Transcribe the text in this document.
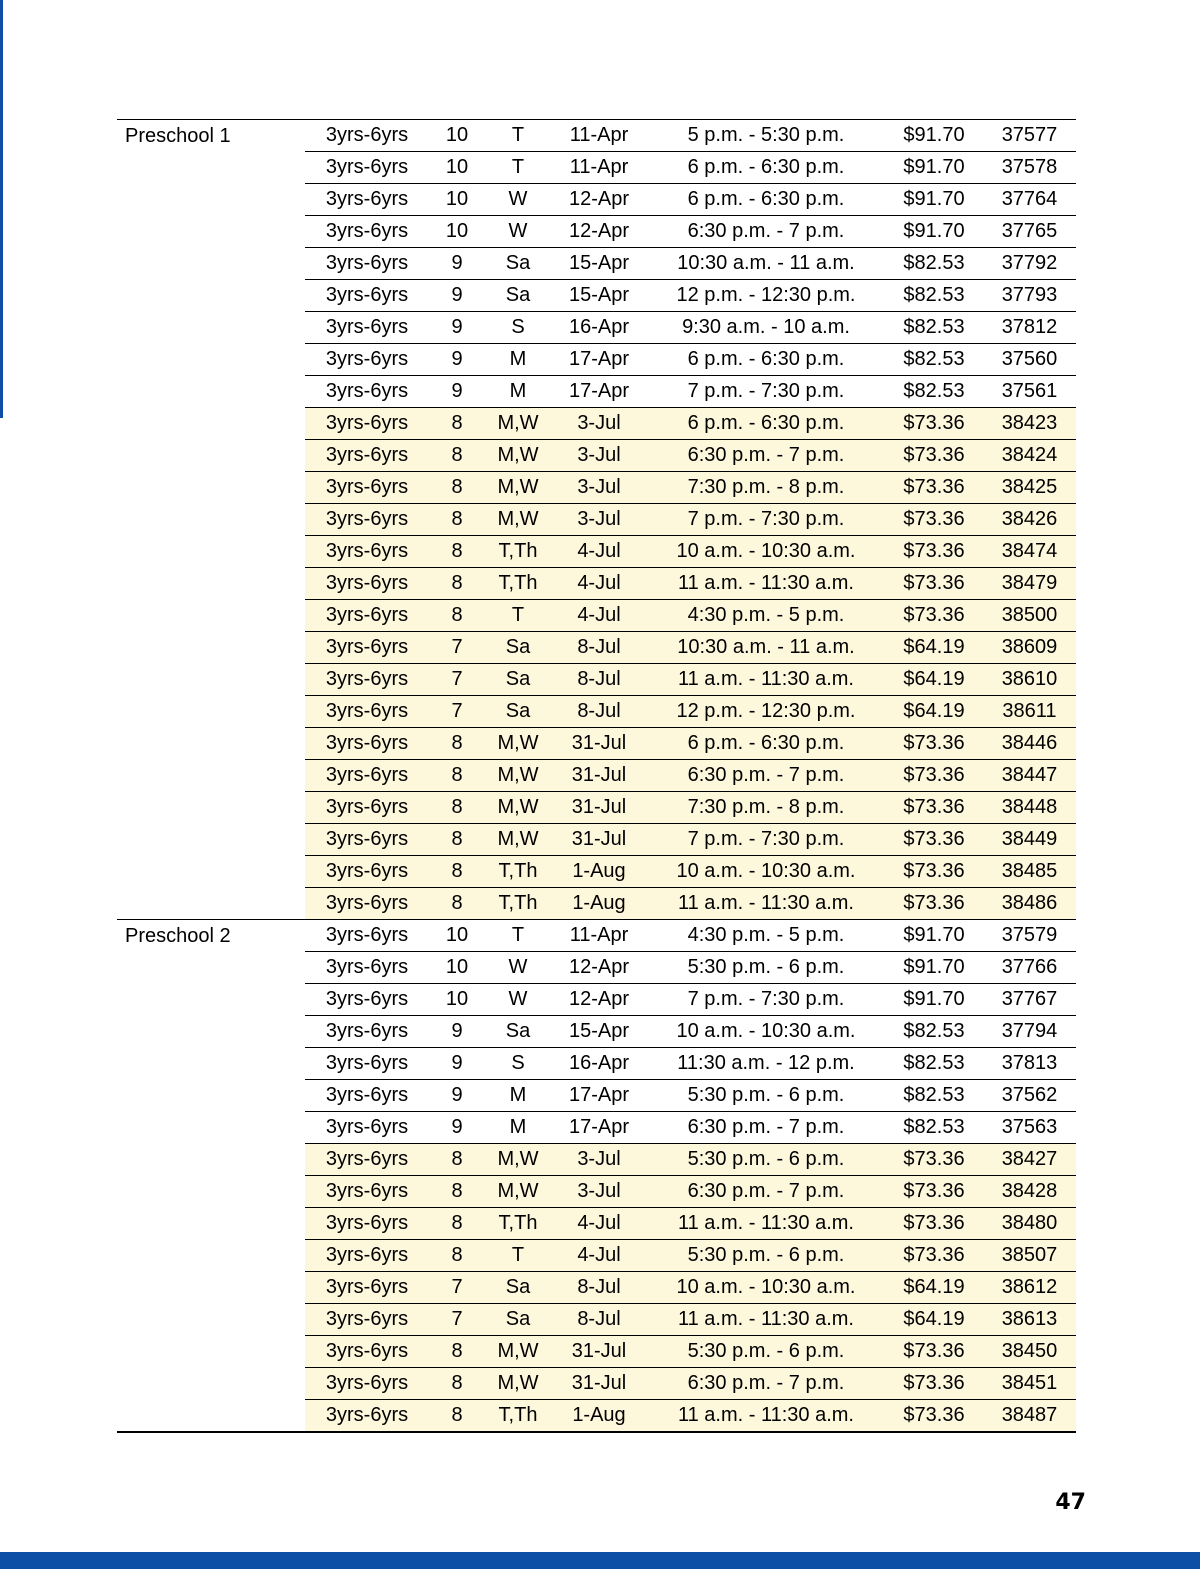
Preschool 1	3yrs-6yrs	10	T	11-Apr	5 p.m. - 5:30 p.m.	$91.70	37577
3yrs-6yrs	10	T	11-Apr	6 p.m. - 6:30 p.m.	$91.70	37578
3yrs-6yrs	10	W	12-Apr	6 p.m. - 6:30 p.m.	$91.70	37764
3yrs-6yrs	10	W	12-Apr	6:30 p.m. - 7 p.m.	$91.70	37765
3yrs-6yrs	9	Sa	15-Apr	10:30 a.m. - 11 a.m.	$82.53	37792
3yrs-6yrs	9	Sa	15-Apr	12 p.m. - 12:30 p.m.	$82.53	37793
3yrs-6yrs	9	S	16-Apr	9:30 a.m. - 10 a.m.	$82.53	37812
3yrs-6yrs	9	M	17-Apr	6 p.m. - 6:30 p.m.	$82.53	37560
3yrs-6yrs	9	M	17-Apr	7 p.m. - 7:30 p.m.	$82.53	37561
3yrs-6yrs	8	M,W	3-Jul	6 p.m. - 6:30 p.m.	$73.36	38423
3yrs-6yrs	8	M,W	3-Jul	6:30 p.m. - 7 p.m.	$73.36	38424
3yrs-6yrs	8	M,W	3-Jul	7:30 p.m. - 8 p.m.	$73.36	38425
3yrs-6yrs	8	M,W	3-Jul	7 p.m. - 7:30 p.m.	$73.36	38426
3yrs-6yrs	8	T,Th	4-Jul	10 a.m. - 10:30 a.m.	$73.36	38474
3yrs-6yrs	8	T,Th	4-Jul	11 a.m. - 11:30 a.m.	$73.36	38479
3yrs-6yrs	8	T	4-Jul	4:30 p.m. - 5 p.m.	$73.36	38500
3yrs-6yrs	7	Sa	8-Jul	10:30 a.m. - 11 a.m.	$64.19	38609
3yrs-6yrs	7	Sa	8-Jul	11 a.m. - 11:30 a.m.	$64.19	38610
3yrs-6yrs	7	Sa	8-Jul	12 p.m. - 12:30 p.m.	$64.19	38611
3yrs-6yrs	8	M,W	31-Jul	6 p.m. - 6:30 p.m.	$73.36	38446
3yrs-6yrs	8	M,W	31-Jul	6:30 p.m. - 7 p.m.	$73.36	38447
3yrs-6yrs	8	M,W	31-Jul	7:30 p.m. - 8 p.m.	$73.36	38448
3yrs-6yrs	8	M,W	31-Jul	7 p.m. - 7:30 p.m.	$73.36	38449
3yrs-6yrs	8	T,Th	1-Aug	10 a.m. - 10:30 a.m.	$73.36	38485
3yrs-6yrs	8	T,Th	1-Aug	11 a.m. - 11:30 a.m.	$73.36	38486
Preschool 2	3yrs-6yrs	10	T	11-Apr	4:30 p.m. - 5 p.m.	$91.70	37579
3yrs-6yrs	10	W	12-Apr	5:30 p.m. - 6 p.m.	$91.70	37766
3yrs-6yrs	10	W	12-Apr	7 p.m. - 7:30 p.m.	$91.70	37767
3yrs-6yrs	9	Sa	15-Apr	10 a.m. - 10:30 a.m.	$82.53	37794
3yrs-6yrs	9	S	16-Apr	11:30 a.m. - 12 p.m.	$82.53	37813
3yrs-6yrs	9	M	17-Apr	5:30 p.m. - 6 p.m.	$82.53	37562
3yrs-6yrs	9	M	17-Apr	6:30 p.m. - 7 p.m.	$82.53	37563
3yrs-6yrs	8	M,W	3-Jul	5:30 p.m. - 6 p.m.	$73.36	38427
3yrs-6yrs	8	M,W	3-Jul	6:30 p.m. - 7 p.m.	$73.36	38428
3yrs-6yrs	8	T,Th	4-Jul	11 a.m. - 11:30 a.m.	$73.36	38480
3yrs-6yrs	8	T	4-Jul	5:30 p.m. - 6 p.m.	$73.36	38507
3yrs-6yrs	7	Sa	8-Jul	10 a.m. - 10:30 a.m.	$64.19	38612
3yrs-6yrs	7	Sa	8-Jul	11 a.m. - 11:30 a.m.	$64.19	38613
3yrs-6yrs	8	M,W	31-Jul	5:30 p.m. - 6 p.m.	$73.36	38450
3yrs-6yrs	8	M,W	31-Jul	6:30 p.m. - 7 p.m.	$73.36	38451
3yrs-6yrs	8	T,Th	1-Aug	11 a.m. - 11:30 a.m.	$73.36	38487
47
